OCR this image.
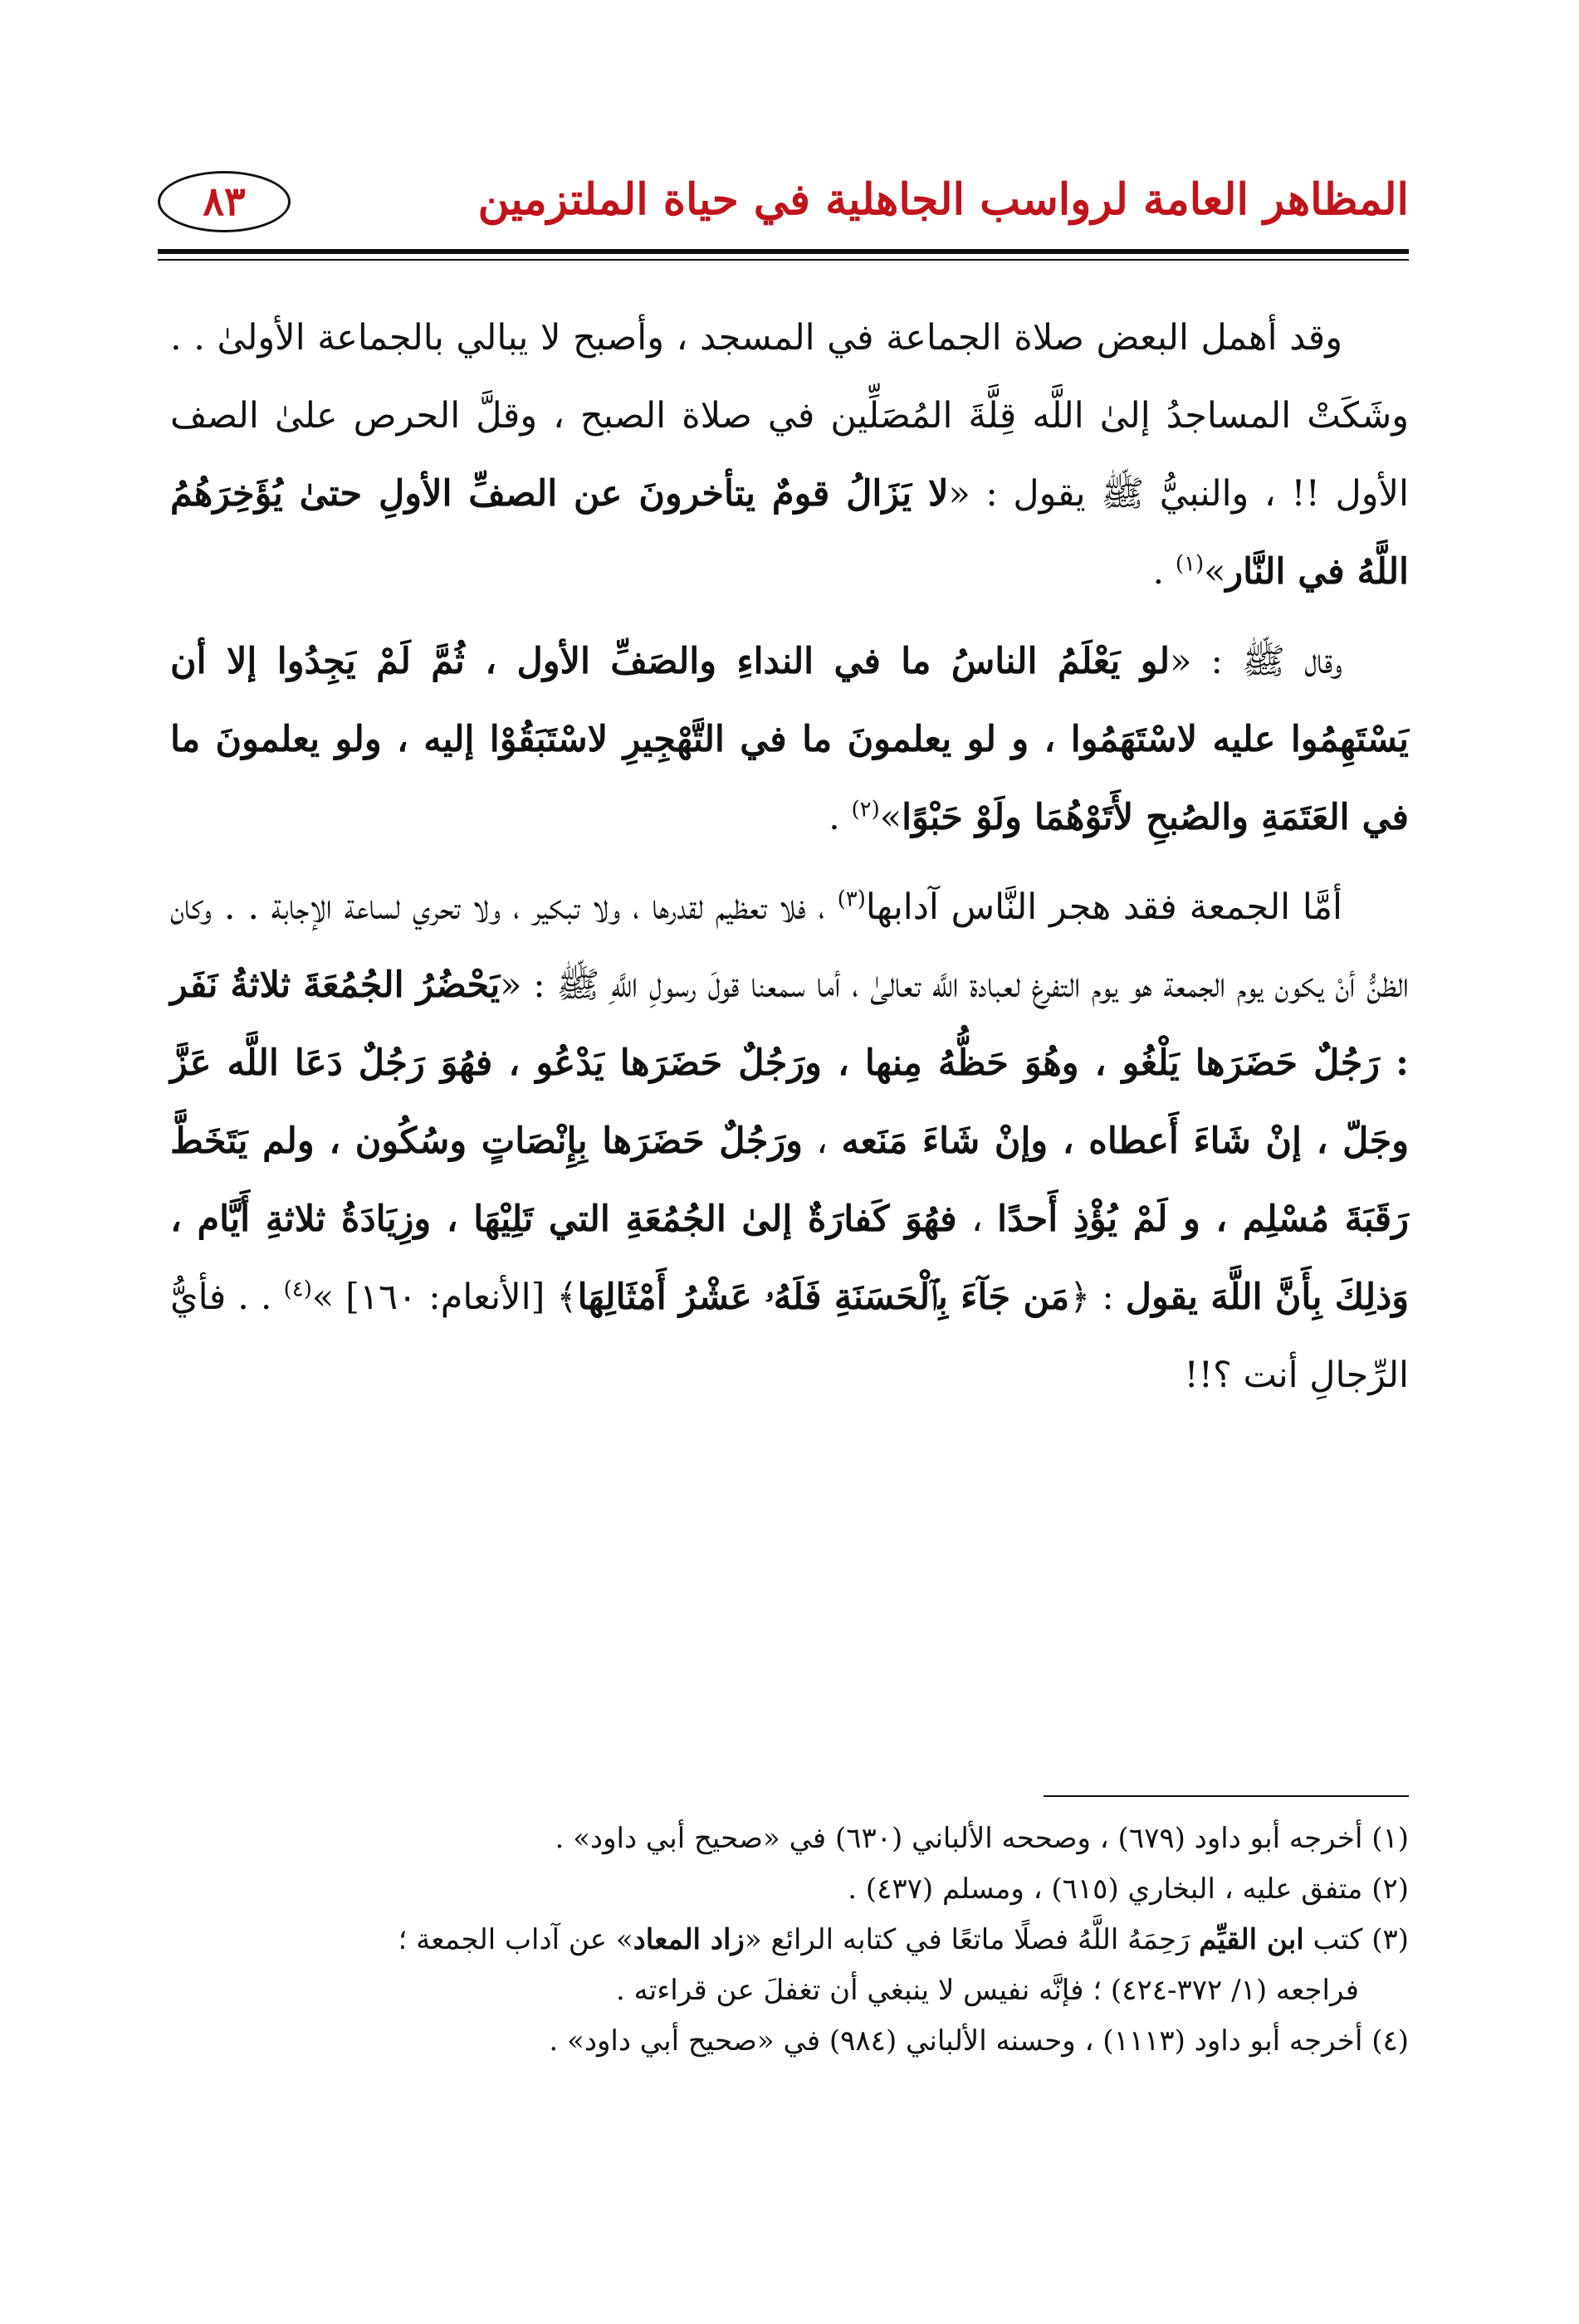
المظاهر العامة لرواسب الجاهلية في حياة الملتزمين
٨٣

وقد أهمل البعض صلاة الجماعة في المسجد ، وأصبح لا يبالي بالجماعة الأولىٰ . . وشَكَتْ المساجدُ إلىٰ اللَّه قِلَّةَ المُصَلِّين في صلاة الصبح ، وقلَّ الحرص علىٰ الصف الأول !! ، والنبيُّ ﷺ يقول : «لا يَزَالُ قومٌ يتأخرونَ عن الصفِّ الأولِ حتىٰ يُؤَخِرَهُمُ اللَّهُ في النَّار»$^{(١)}$ .

وقال ﷺ : «لو يَعْلَمُ الناسُ ما في النداءِ والصَفِّ الأول ، ثُمَّ لَمْ يَجِدُوا إلا أن يَسْتَهِمُوا عليه لاسْتَهَمُوا ، و لو يعلمونَ ما في التَّهْجِيرِ لاسْتَبَقُوْا إليه ، ولو يعلمونَ ما في العَتَمَةِ والصُبحِ لأَتَوْهُمَا ولَوْ حَبْوًا»$^{(٢)}$ .

أمَّا الجمعة فقد هجر النَّاس آدابها$^{(٣)}$ ، فلا تعظيم لقدرها ، ولا تبكير ، ولا تحري لساعة الإجابة . . وكان الظنُّ أنْ يكون يوم الجمعة هو يوم التفرغ لعبادة اللَّه تعالىٰ ، أما سمعنا قولَ رسولِ اللَّهِ ﷺ : «يَحْضُرُ الجُمُعَةَ ثلاثةُ نَفَر : رَجُلٌ حَضَرَها يَلْغُو ، وهُوَ حَظُّهُ مِنها ، ورَجُلٌ حَضَرَها يَدْعُو ، فهُوَ رَجُلٌ دَعَا اللَّه عَزَّ وجَلّ ، إنْ شَاءَ أَعطاه ، وإنْ شَاءَ مَنَعه ، ورَجُلٌ حَضَرَها بِإِنْصَاتٍ وسُكُون ، ولم يَتَخَطَّ رَقَبَةَ مُسْلِم ، و لَمْ يُؤْذِ أَحدًا ، فهُوَ كَفارَةٌ إلىٰ الجُمُعَةِ التي تَلِيْهَا ، وزِيَادَةُ ثلاثةِ أَيَّام ، وَذلِكَ بِأَنَّ اللَّهَ يقول : ﴿مَن جَآءَ بِٱلْحَسَنَةِ فَلَهُۥ عَشْرُ أَمْثَالِهَا﴾ [الأنعام: ١٦٠] »$^{(٤)}$ . . فأيُّ الرِّجالِ أنت ؟!!

(١) أخرجه أبو داود (٦٧٩) ، وصححه الألباني (٦٣٠) في «صحيح أبي داود» .

(٢) متفق عليه ، البخاري (٦١٥) ، ومسلم (٤٣٧) .

(٣) كتب ابن القيِّم رَحِمَهُ اللَّهُ فصلًا ماتعًا في كتابه الرائع «زاد المعاد» عن آداب الجمعة ؛

فراجعه (١/ ٣٧٢-٤٢٤) ؛ فإنَّه نفيس لا ينبغي أن تغفلَ عن قراءته .

(٤) أخرجه أبو داود (١١١٣) ، وحسنه الألباني (٩٨٤) في «صحيح أبي داود» .
